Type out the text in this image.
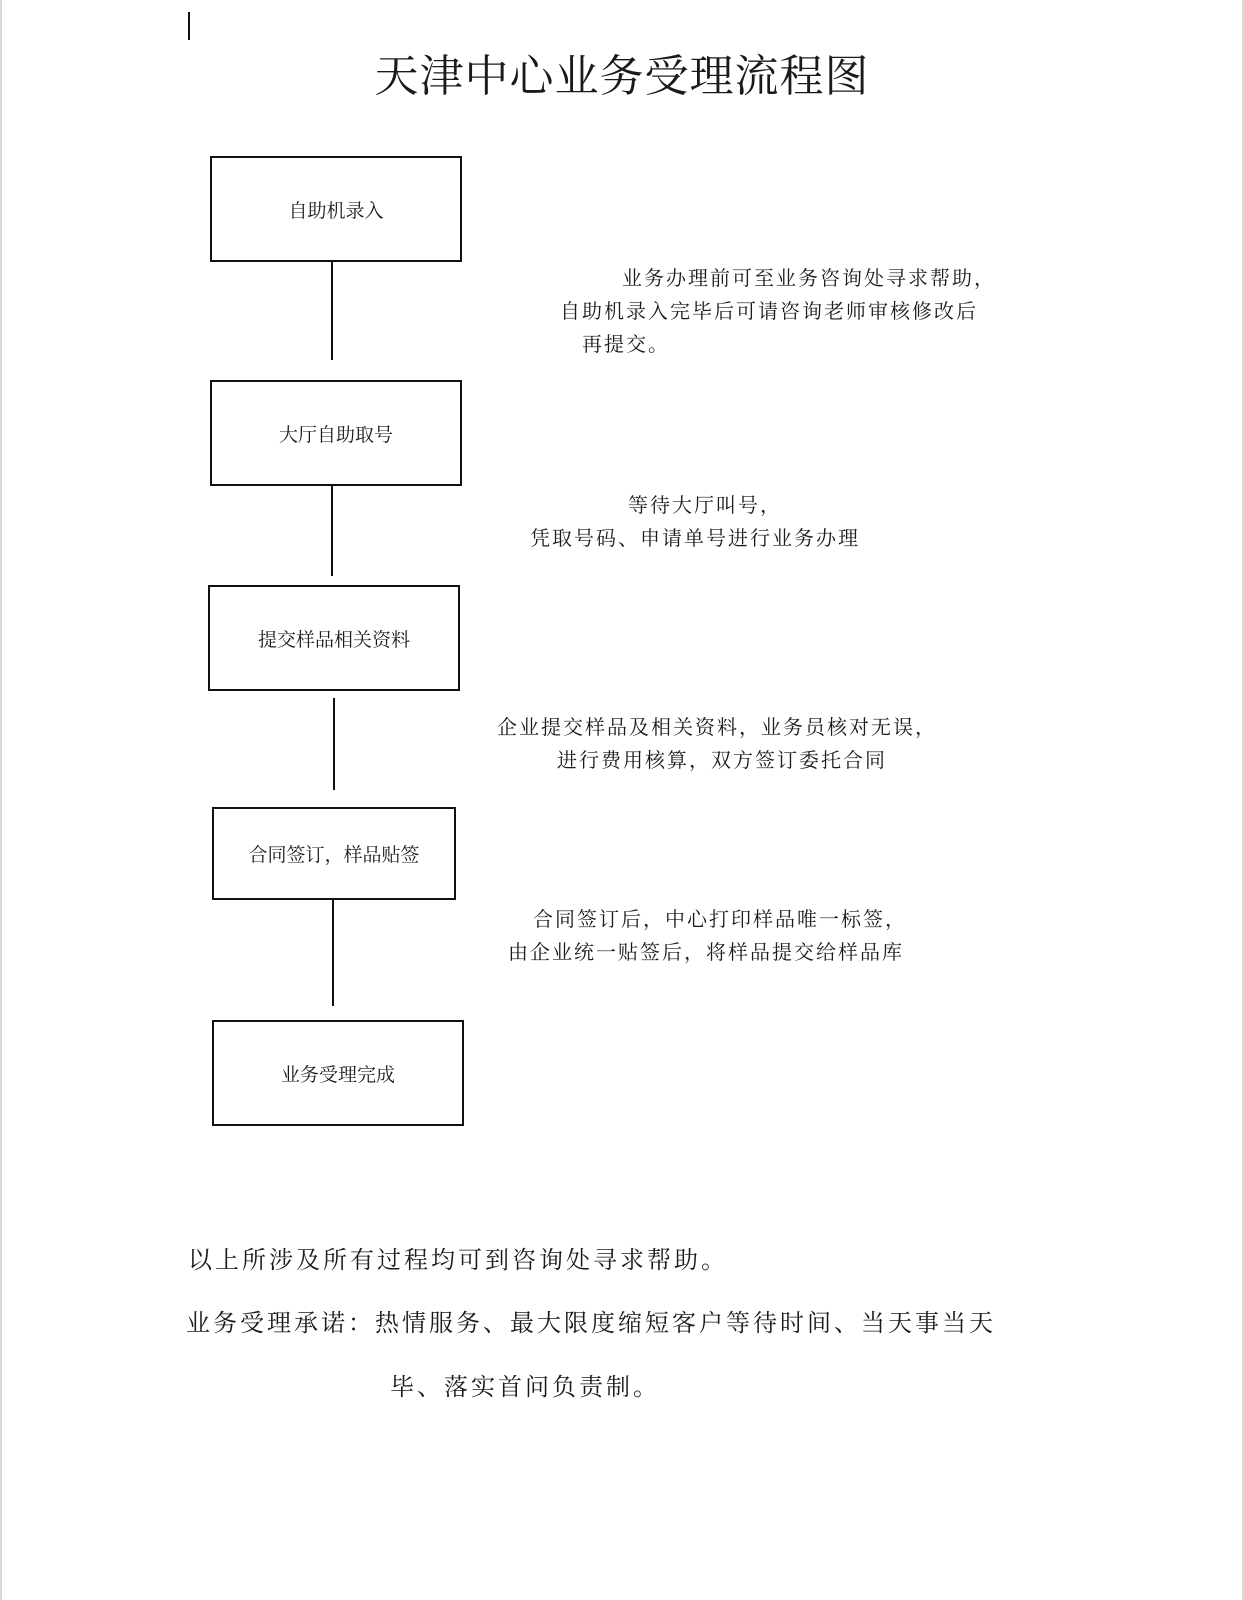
天津中心业务受理流程图
自助机录入
大厅自助取号
提交样品相关资料
合同签订，样品贴签
业务受理完成
业务办理前可至业务咨询处寻求帮助，
自助机录入完毕后可请咨询老师审核修改后
再提交。
等待大厅叫号，
凭取号码、申请单号进行业务办理
企业提交样品及相关资料，业务员核对无误，
进行费用核算，双方签订委托合同
合同签订后，中心打印样品唯一标签，
由企业统一贴签后，将样品提交给样品库
以上所涉及所有过程均可到咨询处寻求帮助。
业务受理承诺：热情服务、最大限度缩短客户等待时间、当天事当天
毕、落实首问负责制。
